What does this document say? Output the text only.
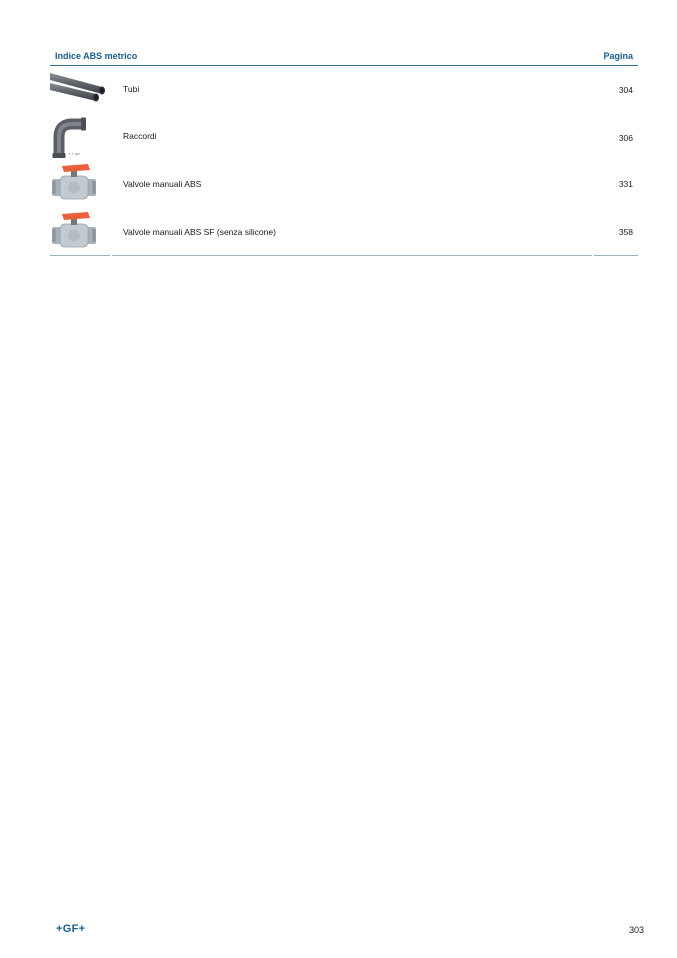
Indice ABS metrico	Pagina
Tubi	304
↑ ↑ 90°
Raccordi	306
Valvole manuali ABS	331
Valvole manuali ABS SF (senza silicone)	358
+GF+	303
